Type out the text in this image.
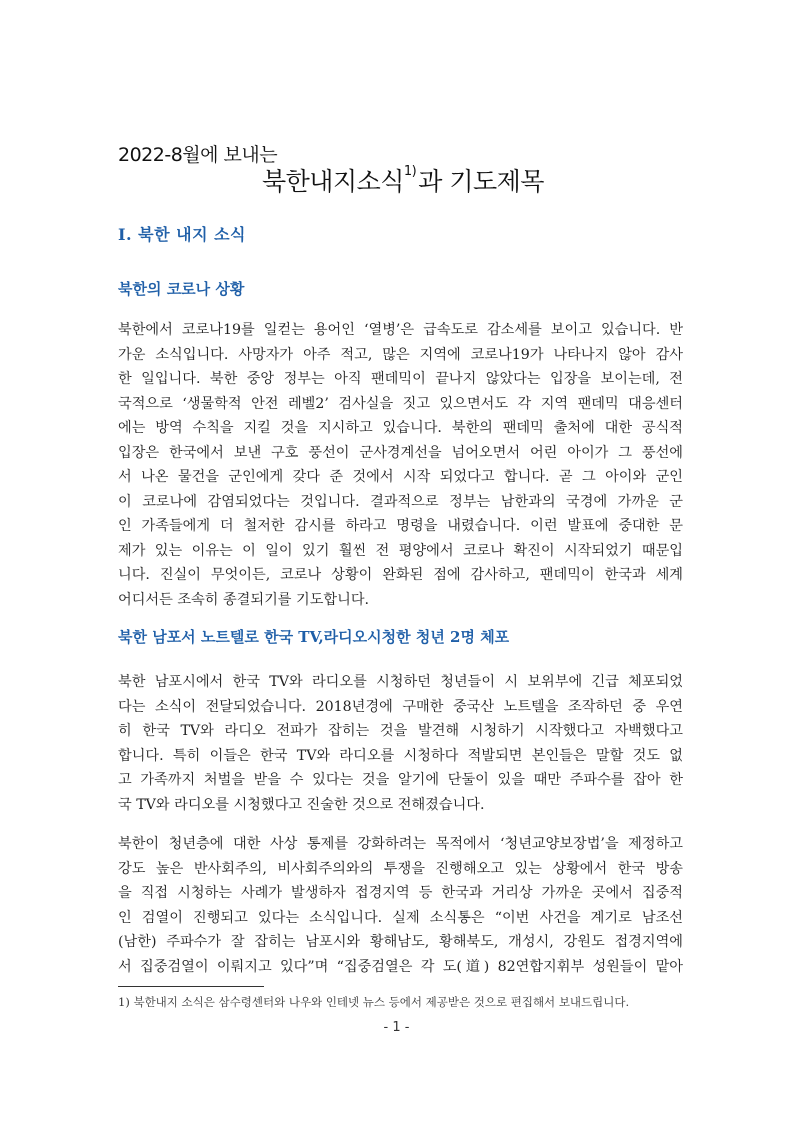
2022-8월에 보내는
북한내지소식$^{1)}$과 기도제목
Ⅰ. 북한 내지 소식
북한의 코로나 상황
북한에서 코로나19를 일컫는 용어인 ‘열병’은 급속도로 감소세를 보이고 있습니다. 반
가운 소식입니다. 사망자가 아주 적고, 많은 지역에 코로나19가 나타나지 않아 감사
한 일입니다. 북한 중앙 정부는 아직 팬데믹이 끝나지 않았다는 입장을 보이는데, 전
국적으로 ‘생물학적 안전 레벨2’ 검사실을 짓고 있으면서도 각 지역 팬데믹 대응센터
에는 방역 수칙을 지킬 것을 지시하고 있습니다. 북한의 팬데믹 출처에 대한 공식적
입장은 한국에서 보낸 구호 풍선이 군사경계선을 넘어오면서 어린 아이가 그 풍선에
서 나온 물건을 군인에게 갖다 준 것에서 시작 되었다고 합니다. 곧 그 아이와 군인
이 코로나에 감염되었다는 것입니다. 결과적으로 정부는 남한과의 국경에 가까운 군
인 가족들에게 더 철저한 감시를 하라고 명령을 내렸습니다. 이런 발표에 중대한 문
제가 있는 이유는 이 일이 있기 훨씬 전 평양에서 코로나 확진이 시작되었기 때문입
니다. 진실이 무엇이든, 코로나 상황이 완화된 점에 감사하고, 팬데믹이 한국과 세계
어디서든 조속히 종결되기를 기도합니다.
북한 남포서 노트텔로 한국 TV,라디오시청한 청년 2명 체포
북한 남포시에서 한국 TV와 라디오를 시청하던 청년들이 시 보위부에 긴급 체포되었
다는 소식이 전달되었습니다. 2018년경에 구매한 중국산 노트텔을 조작하던 중 우연
히 한국 TV와 라디오 전파가 잡히는 것을 발견해 시청하기 시작했다고 자백했다고
합니다. 특히 이들은 한국 TV와 라디오를 시청하다 적발되면 본인들은 말할 것도 없
고 가족까지 처벌을 받을 수 있다는 것을 알기에 단둘이 있을 때만 주파수를 잡아 한
국 TV와 라디오를 시청했다고 진술한 것으로 전해졌습니다.
북한이 청년층에 대한 사상 통제를 강화하려는 목적에서 ‘청년교양보장법’을 제정하고
강도 높은 반사회주의, 비사회주의와의 투쟁을 진행해오고 있는 상황에서 한국 방송
을 직접 시청하는 사례가 발생하자 접경지역 등 한국과 거리상 가까운 곳에서 집중적
인 검열이 진행되고 있다는 소식입니다. 실제 소식통은 “이번 사건을 계기로 남조선
(남한) 주파수가 잘 잡히는 남포시와 황해남도, 황해북도, 개성시, 강원도 접경지역에
서 집중검열이 이뤄지고 있다”며 “집중검열은 각 도(道) 82연합지휘부 성원들이 맡아
1) 북한내지 소식은 삼수령센터와 나우와 인테넷 뉴스 등에서 제공받은 것으로 편집해서 보내드립니다.
- 1 -
